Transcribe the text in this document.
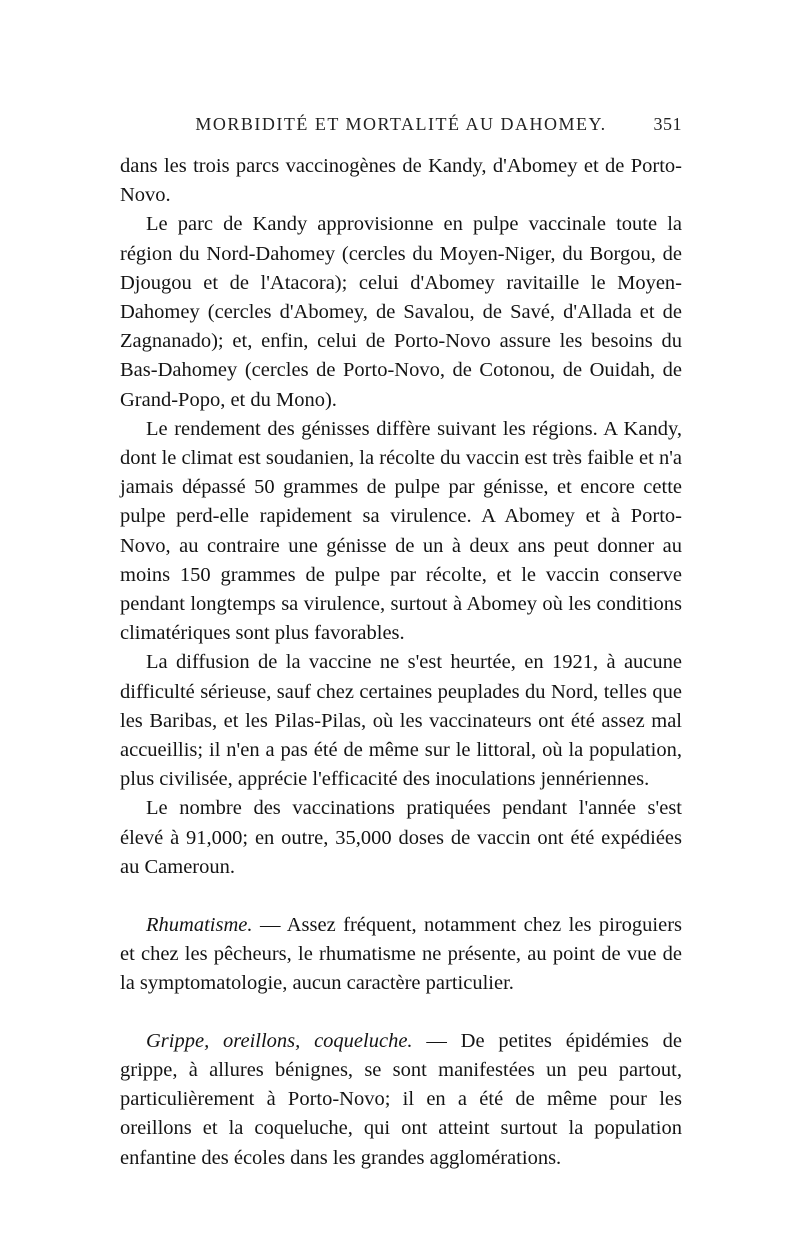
MORBIDITÉ ET MORTALITÉ AU DAHOMEY.	351

dans les trois parcs vaccinogènes de Kandy, d'Abomey et de Porto-Novo.

Le parc de Kandy approvisionne en pulpe vaccinale toute la région du Nord-Dahomey (cercles du Moyen-Niger, du Borgou, de Djougou et de l'Atacora); celui d'Abomey ravitaille le Moyen-Dahomey (cercles d'Abomey, de Savalou, de Savé, d'Allada et de Zagnanado); et, enfin, celui de Porto-Novo assure les besoins du Bas-Dahomey (cercles de Porto-Novo, de Cotonou, de Ouidah, de Grand-Popo, et du Mono).

Le rendement des génisses diffère suivant les régions. A Kandy, dont le climat est soudanien, la récolte du vaccin est très faible et n'a jamais dépassé 50 grammes de pulpe par génisse, et encore cette pulpe perd-elle rapidement sa virulence. A Abomey et à Porto-Novo, au contraire une génisse de un à deux ans peut donner au moins 150 grammes de pulpe par récolte, et le vaccin conserve pendant longtemps sa virulence, surtout à Abomey où les conditions climatériques sont plus favorables.

La diffusion de la vaccine ne s'est heurtée, en 1921, à aucune difficulté sérieuse, sauf chez certaines peuplades du Nord, telles que les Baribas, et les Pilas-Pilas, où les vaccinateurs ont été assez mal accueillis; il n'en a pas été de même sur le littoral, où la population, plus civilisée, apprécie l'efficacité des inoculations jennériennes.

Le nombre des vaccinations pratiquées pendant l'année s'est élevé à 91,000; en outre, 35,000 doses de vaccin ont été expédiées au Cameroun.

Rhumatisme. — Assez fréquent, notamment chez les piroguiers et chez les pêcheurs, le rhumatisme ne présente, au point de vue de la symptomatologie, aucun caractère particulier.

Grippe, oreillons, coqueluche. — De petites épidémies de grippe, à allures bénignes, se sont manifestées un peu partout, particulièrement à Porto-Novo; il en a été de même pour les oreillons et la coqueluche, qui ont atteint surtout la population enfantine des écoles dans les grandes agglomérations.
